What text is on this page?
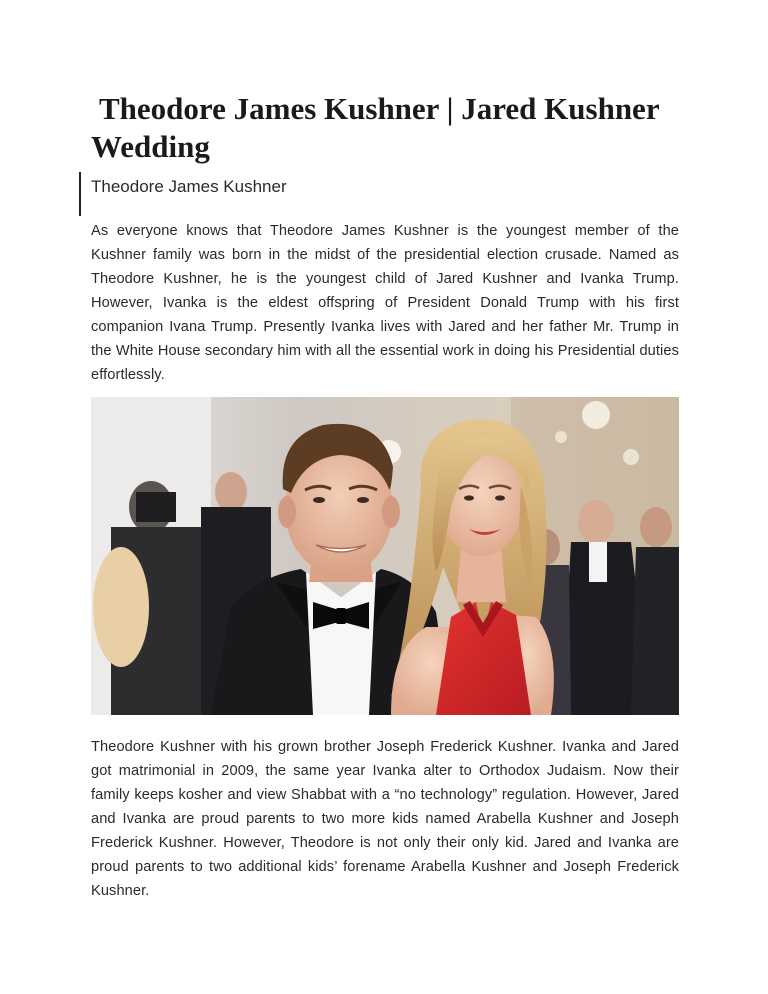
Theodore James Kushner | Jared Kushner Wedding
Theodore James Kushner

As everyone knows that Theodore James Kushner is the youngest member of the Kushner family was born in the midst of the presidential election crusade. Named as Theodore Kushner, he is the youngest child of Jared Kushner and Ivanka Trump. However, Ivanka is the eldest offspring of President Donald Trump with his first companion Ivana Trump. Presently Ivanka lives with Jared and her father Mr. Trump in the White House secondary him with all the essential work in doing his Presidential duties effortlessly.

Theodore Kushner with his grown brother Joseph Frederick Kushner. Ivanka and Jared got matrimonial in 2009, the same year Ivanka alter to Orthodox Judaism. Now their family keeps kosher and view Shabbat with a “no technology” regulation. However, Jared and Ivanka are proud parents to two more kids named Arabella Kushner and Joseph Frederick Kushner. However, Theodore is not only their only kid. Jared and Ivanka are proud parents to two additional kids’ forename Arabella Kushner and Joseph Frederick Kushner.
